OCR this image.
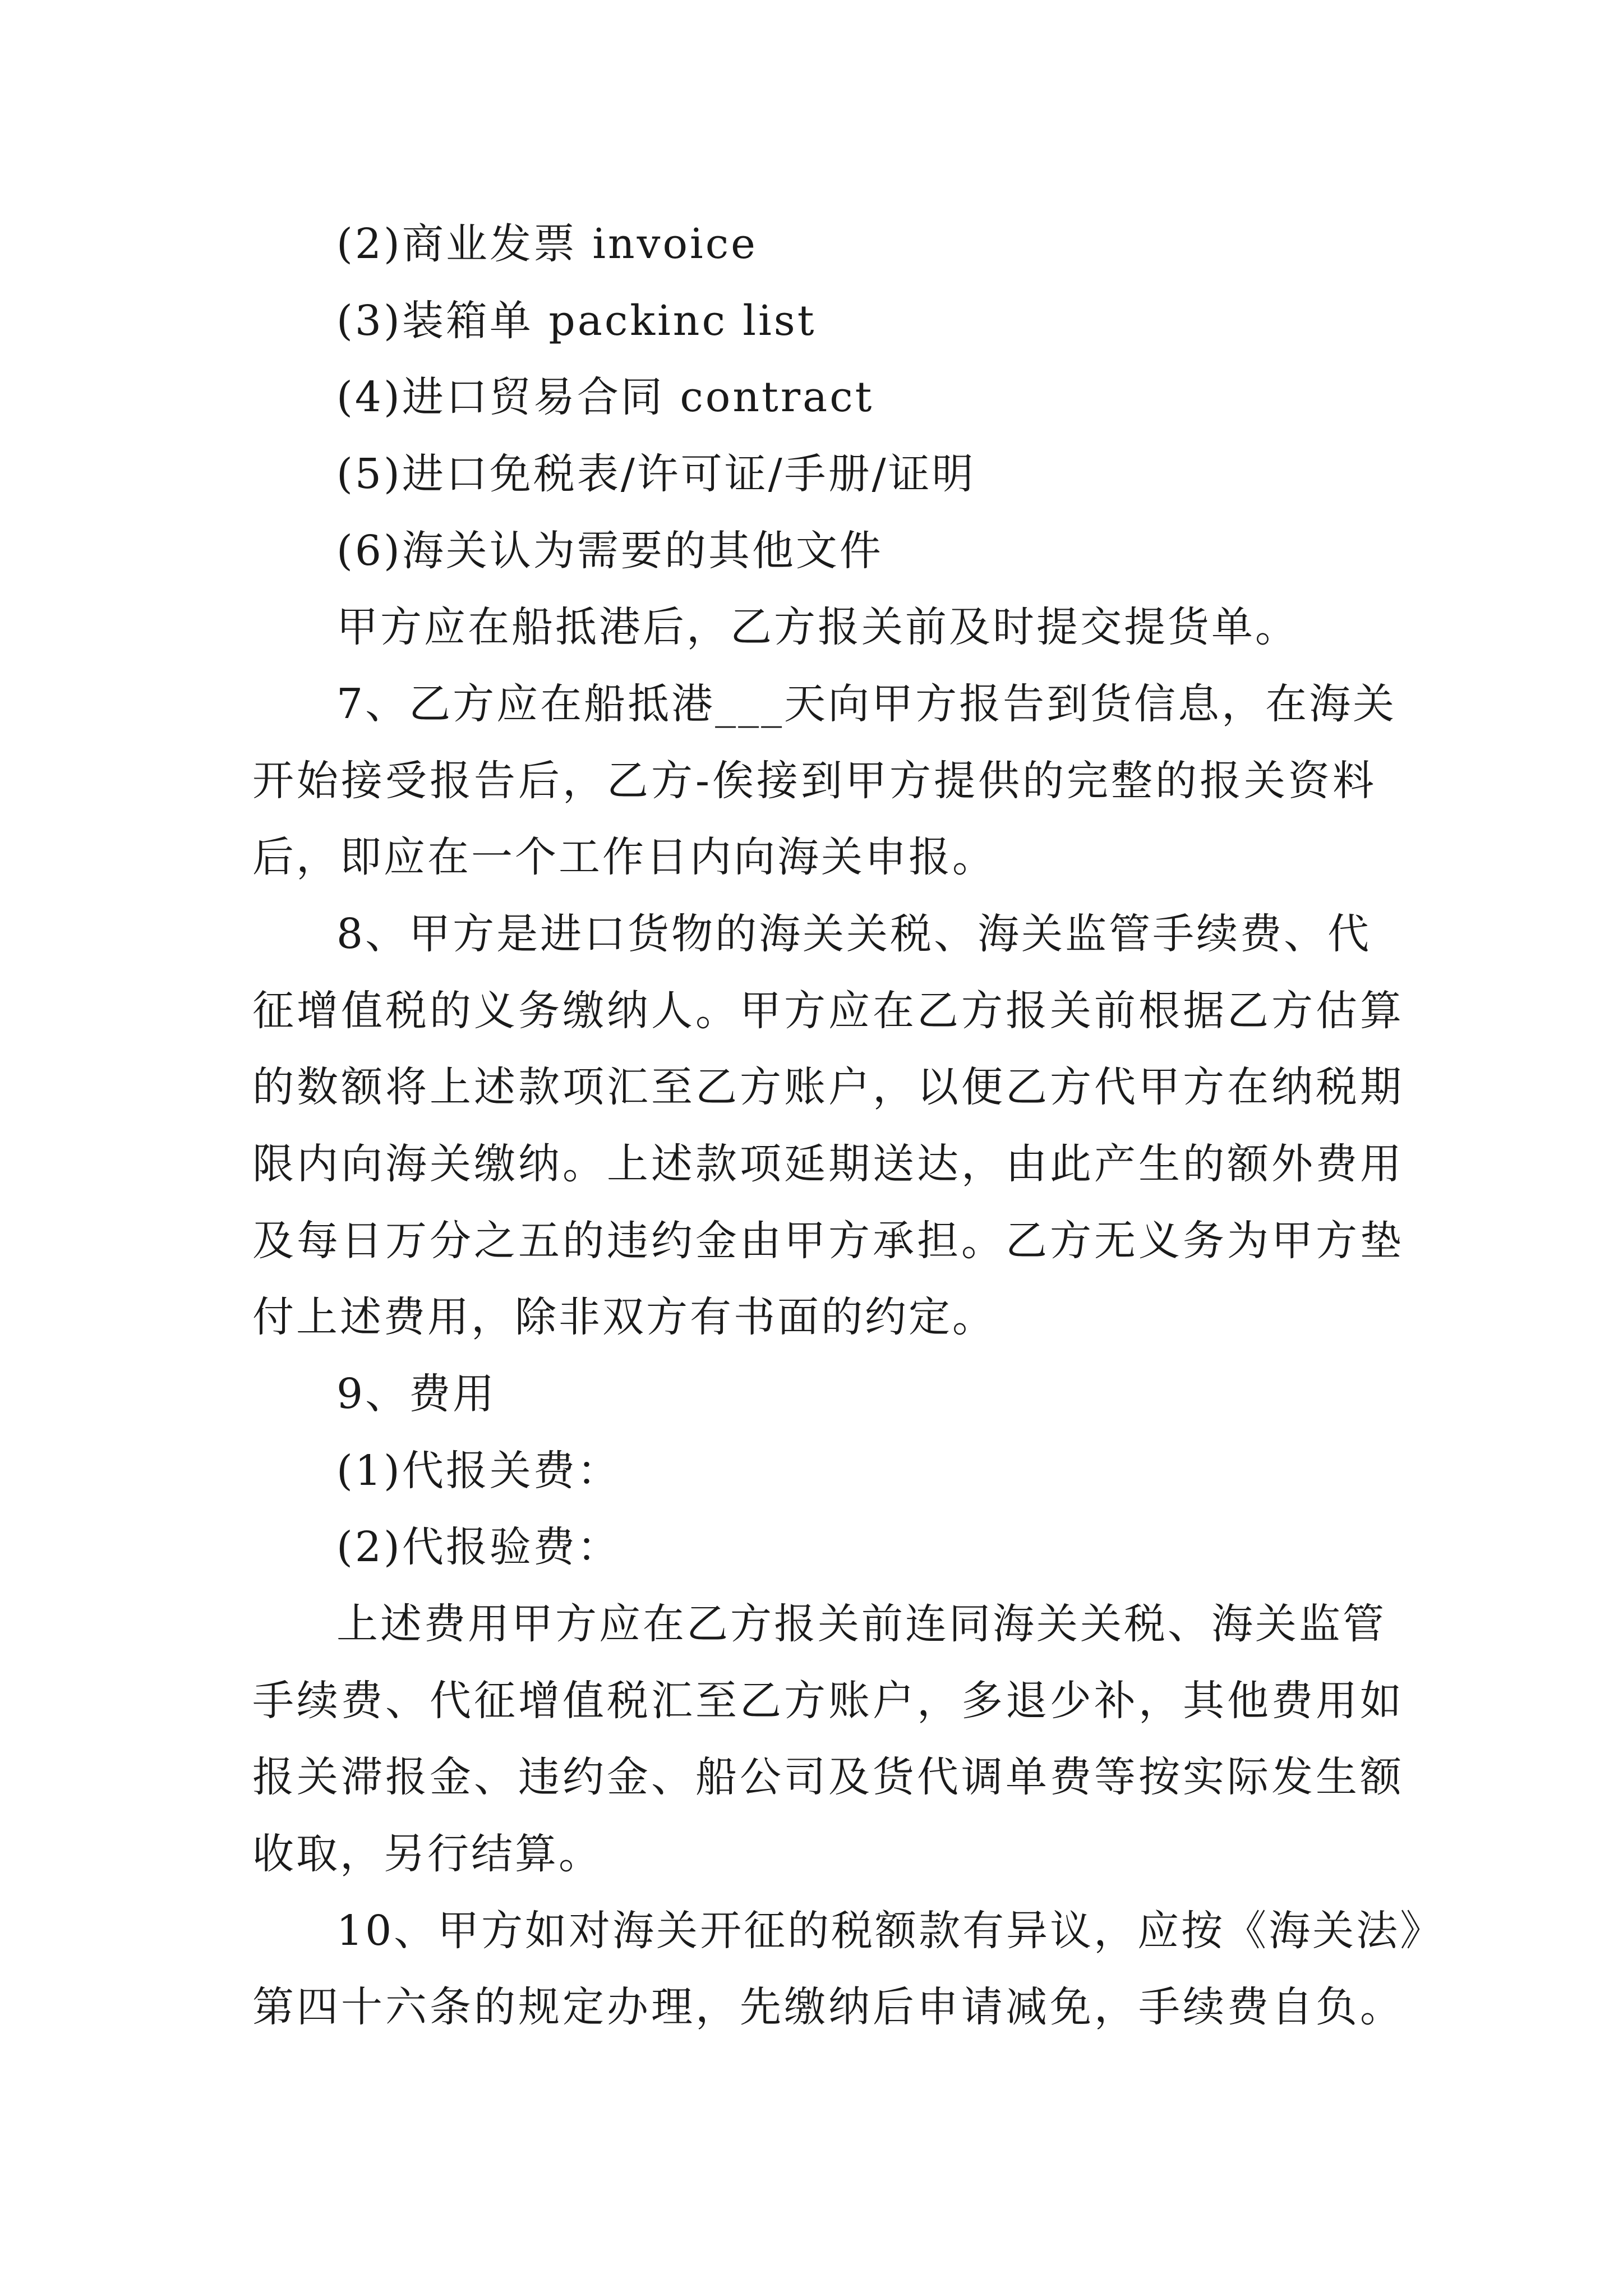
(2)商业发票 invoice
(3)装箱单 packinc list
(4)进口贸易合同 contract
(5)进口免税表/许可证/手册/证明
(6)海关认为需要的其他文件
甲方应在船抵港后，乙方报关前及时提交提货单。
7、乙方应在船抵港___天向甲方报告到货信息，在海关
开始接受报告后，乙方-俟接到甲方提供的完整的报关资料
后，即应在一个工作日内向海关申报。
8、甲方是进口货物的海关关税、海关监管手续费、代
征增值税的义务缴纳人。甲方应在乙方报关前根据乙方估算
的数额将上述款项汇至乙方账户，以便乙方代甲方在纳税期
限内向海关缴纳。上述款项延期送达，由此产生的额外费用
及每日万分之五的违约金由甲方承担。乙方无义务为甲方垫
付上述费用，除非双方有书面的约定。
9、费用
(1)代报关费：
(2)代报验费：
上述费用甲方应在乙方报关前连同海关关税、海关监管
手续费、代征增值税汇至乙方账户，多退少补，其他费用如
报关滞报金、违约金、船公司及货代调单费等按实际发生额
收取，另行结算。
10、甲方如对海关开征的税额款有异议，应按《海关法》
第四十六条的规定办理，先缴纳后申请减免，手续费自负。
